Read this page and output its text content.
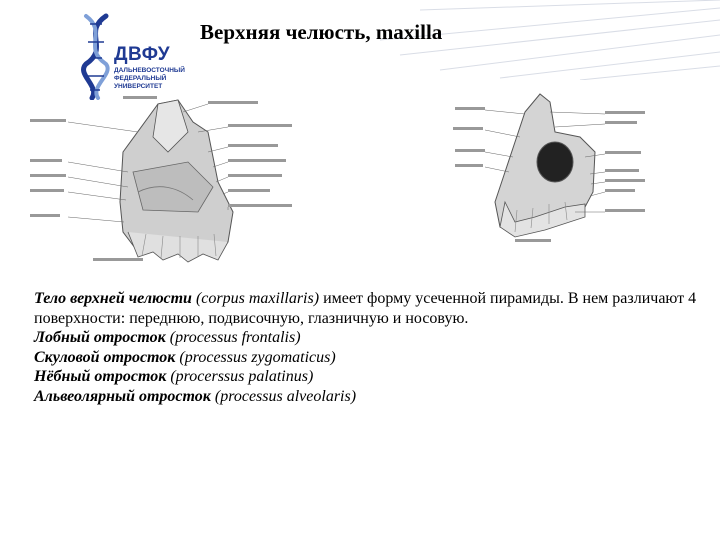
ДВФУ
ДАЛЬНЕВОСТОЧНЫЙ
ФЕДЕРАЛЬНЫЙ
УНИВЕРСИТЕТ
Верхняя челюсть, maxilla

Тело верхней челюсти (corpus maxillaris) имеет форму усеченной пирамиды. В нем различают 4 поверхности: переднюю, подвисочную, глазничную и носовую.

Лобный отросток (processus frontalis)

Скуловой отросток (processus zygomaticus)

Нёбный отросток (procerssus palatinus)

Альвеолярный отросток (processus alveolaris)
